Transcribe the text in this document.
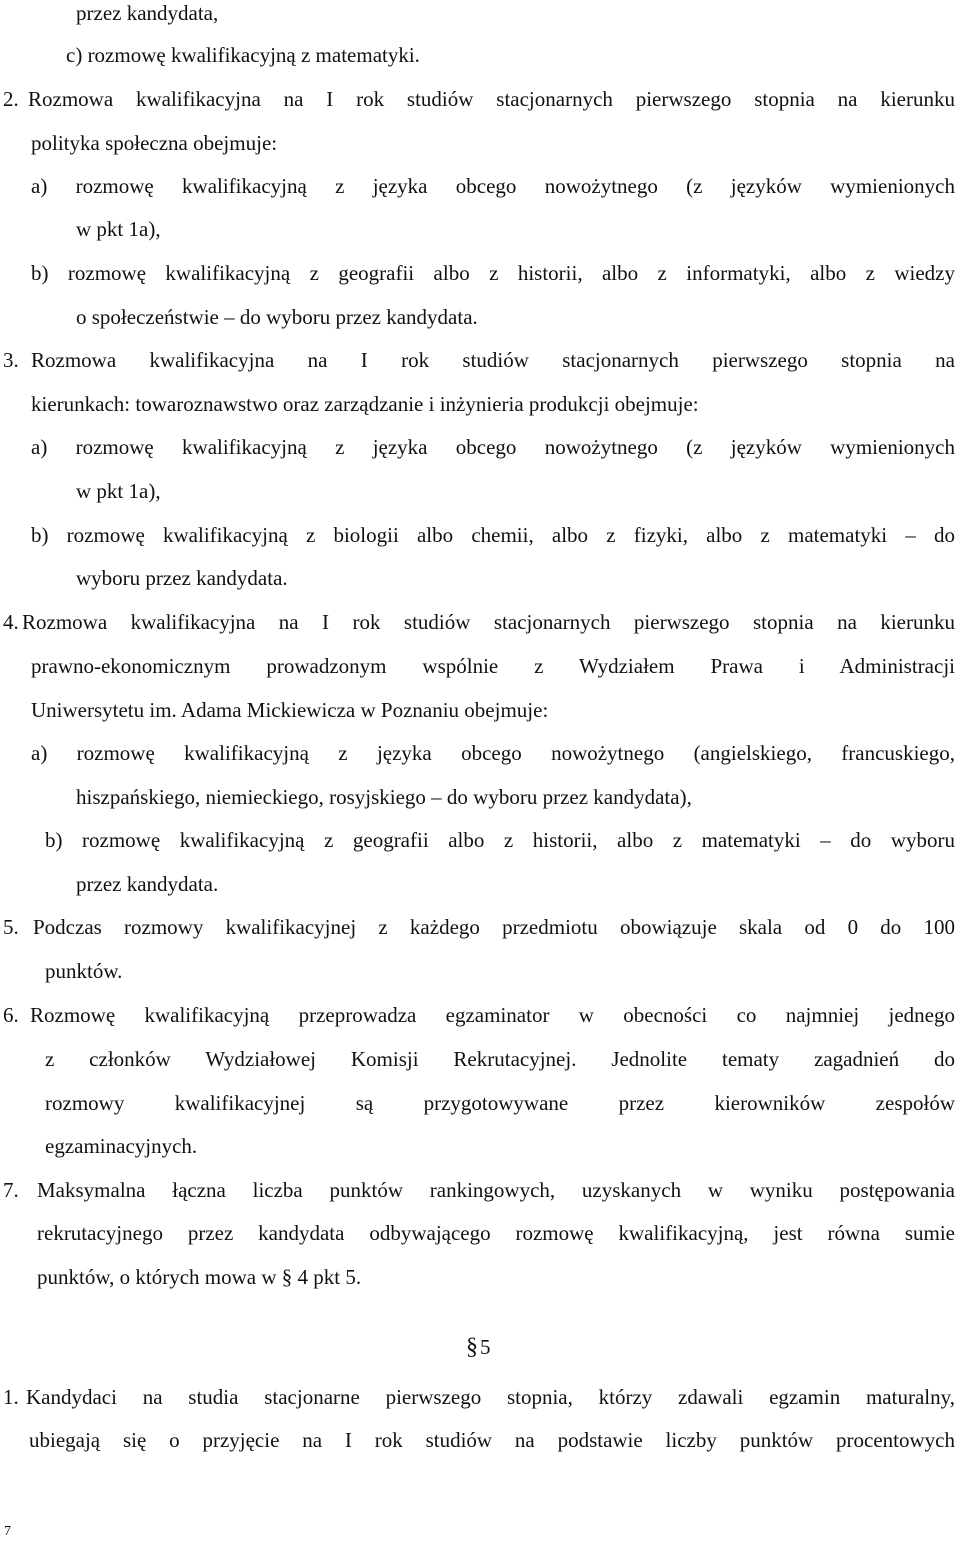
przez kandydata,
c) rozmowę kwalifikacyjną z matematyki.
2. Rozmowa kwalifikacyjna na I rok studiów stacjonarnych pierwszego stopnia na kierunku
polityka społeczna obejmuje:
a) rozmowę kwalifikacyjną z języka obcego nowożytnego (z języków wymienionych
w pkt 1a),
b) rozmowę kwalifikacyjną z geografii albo z historii, albo z informatyki, albo z wiedzy
o społeczeństwie – do wyboru przez kandydata.
3. Rozmowa kwalifikacyjna na I rok studiów stacjonarnych pierwszego stopnia na
kierunkach: towaroznawstwo oraz zarządzanie i inżynieria produkcji obejmuje:
a) rozmowę kwalifikacyjną z języka obcego nowożytnego (z języków wymienionych
w pkt 1a),
b) rozmowę kwalifikacyjną z biologii albo chemii, albo z fizyki, albo z matematyki – do
wyboru przez kandydata.
4. Rozmowa kwalifikacyjna na I rok studiów stacjonarnych pierwszego stopnia na kierunku
prawno-ekonomicznym prowadzonym wspólnie z Wydziałem Prawa i Administracji
Uniwersytetu im. Adama Mickiewicza w Poznaniu obejmuje:
a) rozmowę kwalifikacyjną z języka obcego nowożytnego (angielskiego, francuskiego,
hiszpańskiego, niemieckiego, rosyjskiego – do wyboru przez kandydata),
b) rozmowę kwalifikacyjną z geografii albo z historii, albo z matematyki – do wyboru
przez kandydata.
5. Podczas rozmowy kwalifikacyjnej z każdego przedmiotu obowiązuje skala od 0 do 100
punktów.
6. Rozmowę kwalifikacyjną przeprowadza egzaminator w obecności co najmniej jednego
z członków Wydziałowej Komisji Rekrutacyjnej. Jednolite tematy zagadnień do
rozmowy kwalifikacyjnej są przygotowywane przez kierowników zespołów
egzaminacyjnych.
7. Maksymalna łączna liczba punktów rankingowych, uzyskanych w wyniku postępowania
rekrutacyjnego przez kandydata odbywającego rozmowę kwalifikacyjną, jest równa sumie
punktów, o których mowa w § 4 pkt 5.
§5
1. Kandydaci na studia stacjonarne pierwszego stopnia, którzy zdawali egzamin maturalny,
ubiegają się o przyjęcie na I rok studiów na podstawie liczby punktów procentowych
7
